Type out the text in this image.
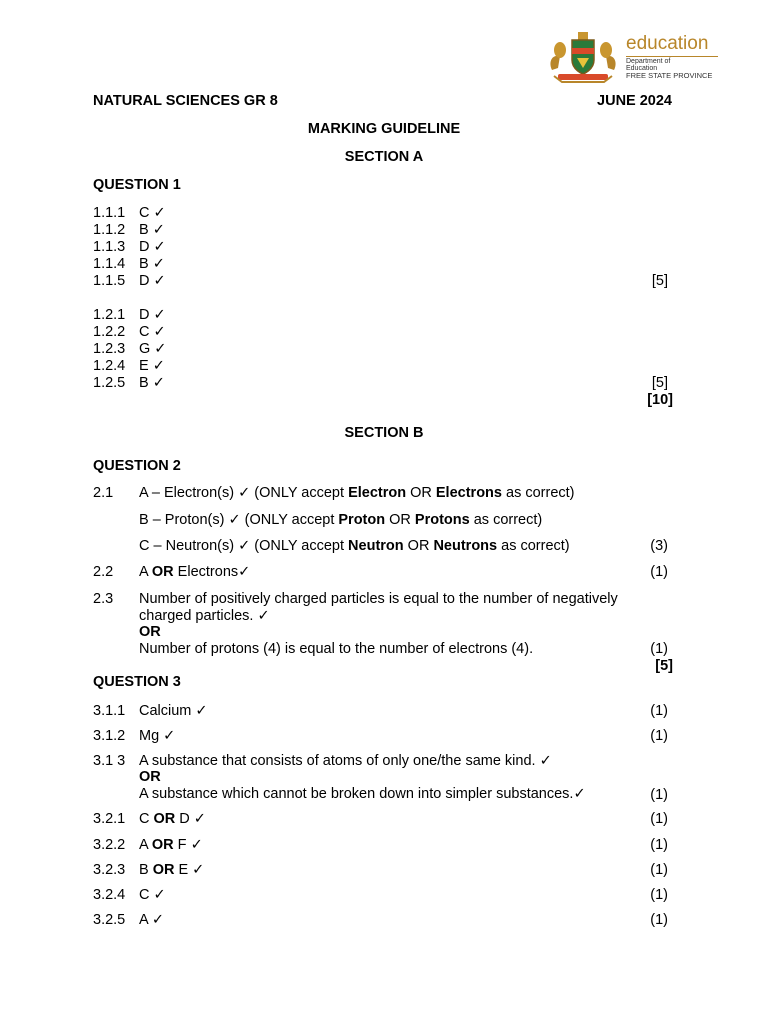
education
Department of
Education
FREE STATE PROVINCE
NATURAL SCIENCES GR 8	JUNE 2024
MARKING GUIDELINE
SECTION A
QUESTION 1
1.1.1 C ✓
1.1.2 B ✓
1.1.3 D ✓
1.1.4 B ✓
1.1.5 D ✓	[5]
1.2.1 D ✓
1.2.2 C ✓
1.2.3 G ✓
1.2.4 E ✓
1.2.5 B ✓	[5]
[10]
SECTION B
QUESTION 2
2.1 A – Electron(s) ✓ (ONLY accept Electron OR Electrons as correct)
B – Proton(s) ✓ (ONLY accept Proton OR Protons as correct)
C – Neutron(s) ✓ (ONLY accept Neutron OR Neutrons as correct)	(3)
2.2 A OR Electrons✓	(1)
2.3 Number of positively charged particles is equal to the number of negatively
charged particles. ✓
OR
Number of protons (4) is equal to the number of electrons (4).	(1)
[5]
QUESTION 3
3.1.1 Calcium ✓	(1)
3.1.2 Mg ✓	(1)
3.1 3 A substance that consists of atoms of only one/the same kind. ✓
OR
A substance which cannot be broken down into simpler substances.✓	(1)
3.2.1 C OR D ✓	(1)
3.2.2 A OR F ✓	(1)
3.2.3 B OR E ✓	(1)
3.2.4 C ✓	(1)
3.2.5 A ✓	(1)
